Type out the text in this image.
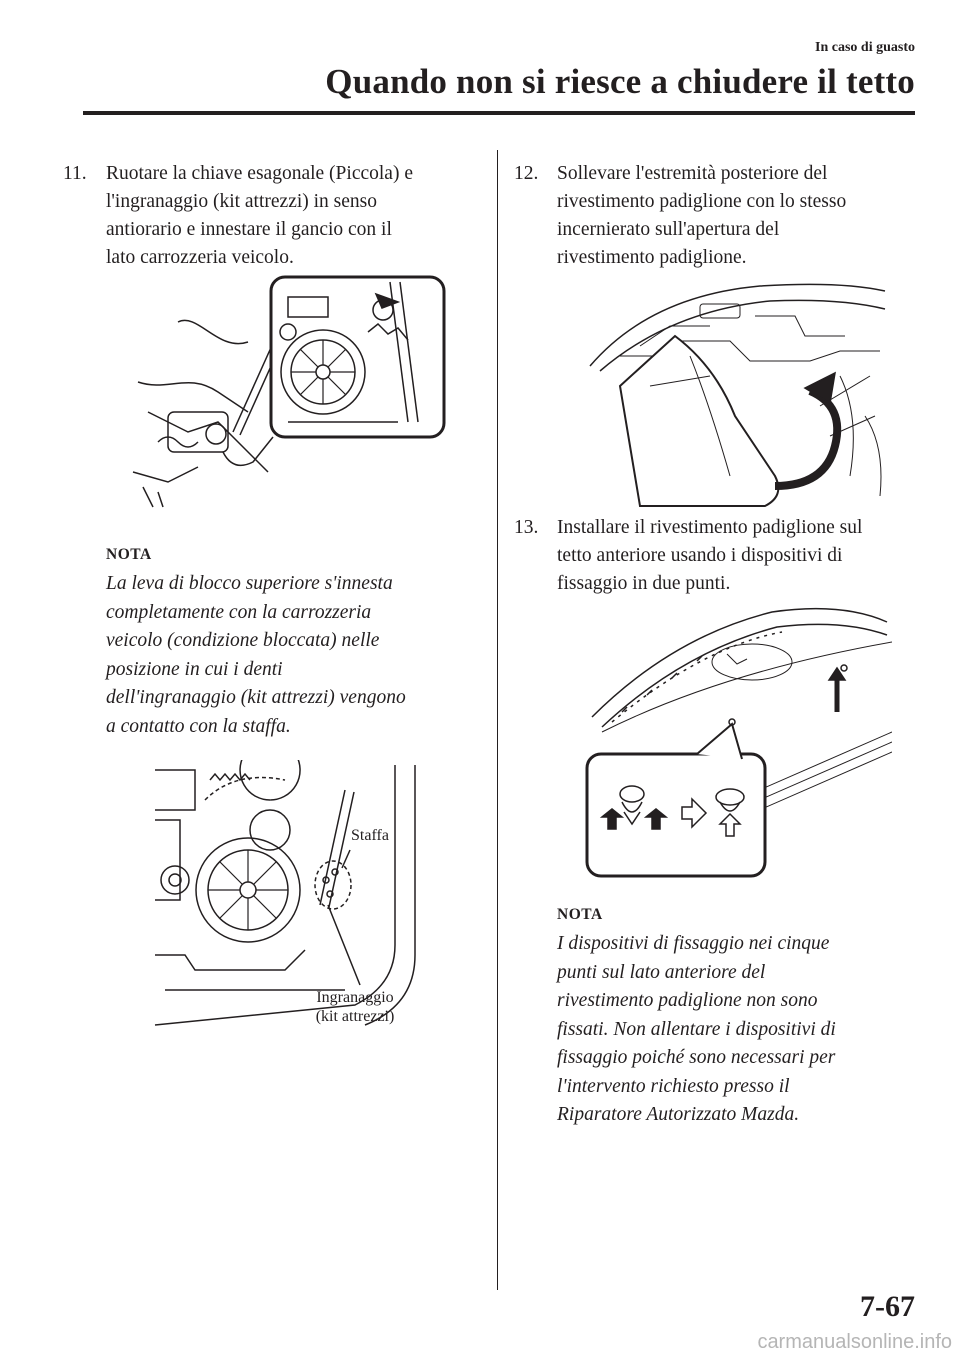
In caso di guasto
Quando non si riesce a chiudere il tetto
11. Ruotare la chiave esagonale (Piccola) e
l'ingranaggio (kit attrezzi) in senso
antiorario e innestare il gancio con il
lato carrozzeria veicolo.
NOTA
La leva di blocco superiore s'innesta
completamente con la carrozzeria
veicolo (condizione bloccata) nelle
posizione in cui i denti
dell'ingranaggio (kit attrezzi) vengono
a contatto con la staffa.
Staffa
Ingranaggio
(kit attrezzi)
12. Sollevare l'estremità posteriore del
rivestimento padiglione con lo stesso
incernierato sull'apertura del
rivestimento padiglione.
13. Installare il rivestimento padiglione sul
tetto anteriore usando i dispositivi di
fissaggio in due punti.
NOTA
I dispositivi di fissaggio nei cinque
punti sul lato anteriore del
rivestimento padiglione non sono
fissati. Non allentare i dispositivi di
fissaggio poiché sono necessari per
l'intervento richiesto presso il
Riparatore Autorizzato Mazda.
7-67
carmanualsonline.info
